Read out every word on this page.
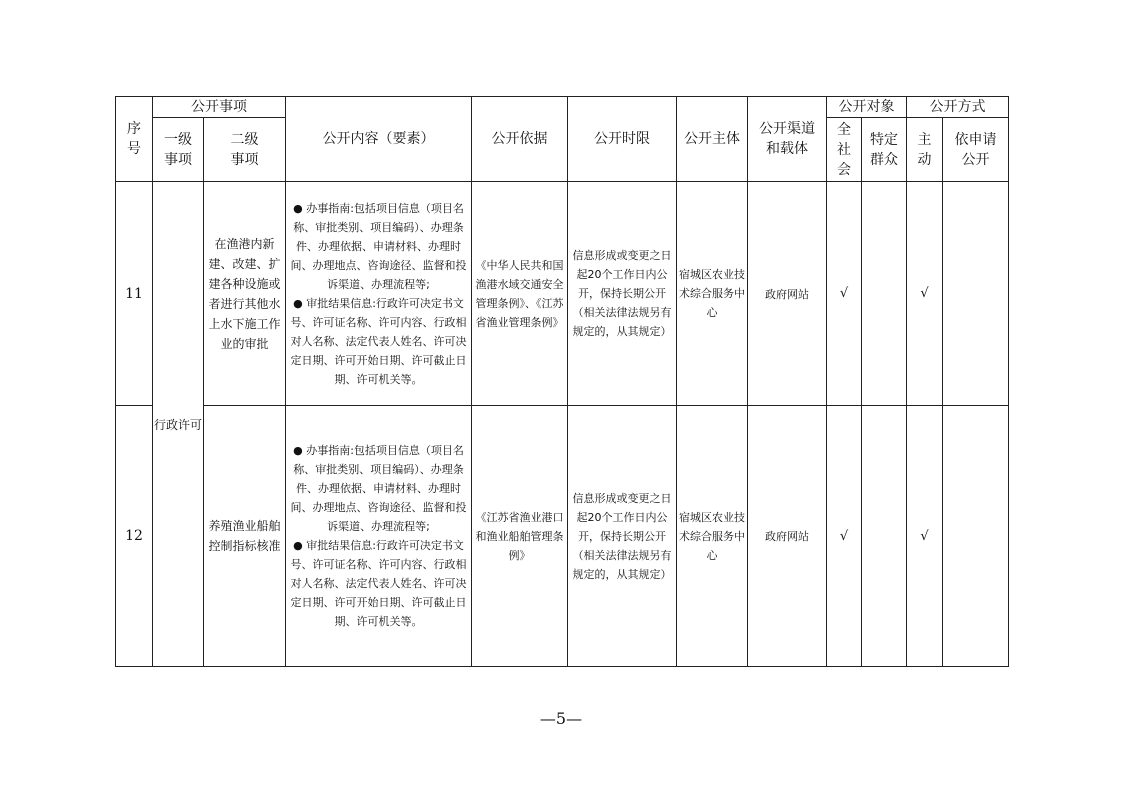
序号	公开事项		公开内容（要素）	公开依据	公开时限	公开主体	公开渠道和载体	公开对象		公开方式	

	一级事项	二级事项						全社会	特定群众	主动	依申请公开

11	行政许可	在渔港内新建、改建、扩建各种设施或者进行其他水上水下施工作业的审批	● 办事指南:包括项目信息（项目名称、审批类别、项目编码）、办理条件、办理依据、申请材料、办理时间、办理地点、咨询途径、监督和投诉渠道、办理流程等;
● 审批结果信息:行政许可决定书文号、许可证名称、许可内容、行政相对人名称、法定代表人姓名、许可决定日期、许可开始日期、许可截止日期、许可机关等。	《中华人民共和国渔港水域交通安全管理条例》、《江苏省渔业管理条例》	信息形成或变更之日起20个工作日内公开，保持长期公开（相关法律法规另有规定的，从其规定）	宿城区农业技术综合服务中心	政府网站	√		√	
12		养殖渔业船舶控制指标核准	● 办事指南:包括项目信息（项目名称、审批类别、项目编码）、办理条件、办理依据、申请材料、办理时间、办理地点、咨询途径、监督和投诉渠道、办理流程等;
● 审批结果信息:行政许可决定书文号、许可证名称、许可内容、行政相对人名称、法定代表人姓名、许可决定日期、许可开始日期、许可截止日期、许可机关等。	《江苏省渔业港口和渔业船舶管理条例》	信息形成或变更之日起20个工作日内公开，保持长期公开（相关法律法规另有规定的，从其规定）	宿城区农业技术综合服务中心	政府网站	√		√	
—5—
